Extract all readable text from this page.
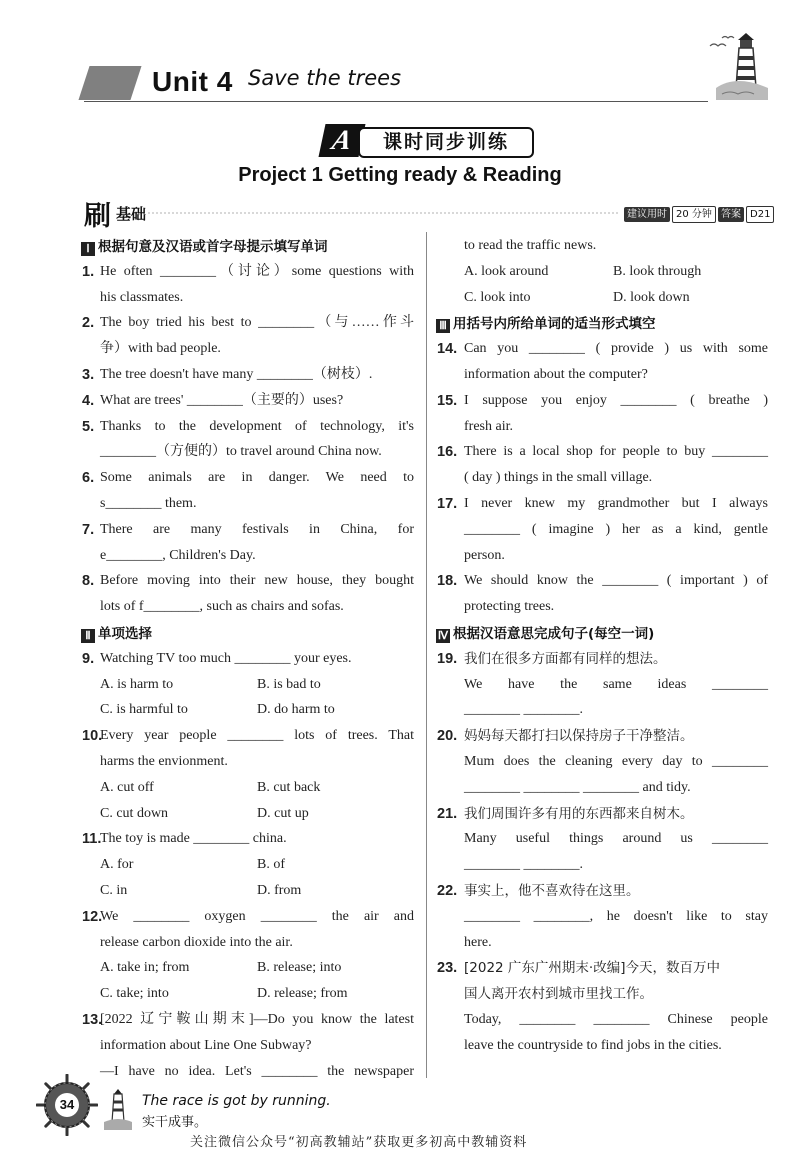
Unit 4 Save the trees
A	课时同步训练
Project 1 Getting ready & Reading
刷 基础	建议用时 20 分钟 答案 D21
Ⅰ 根据句意及汉语或首字母提示填写单词
1. He often ________（讨论）some questions with
his classmates.
2. The boy tried his best to ________（与……作斗
争）with bad people.
3. The tree doesn't have many ________（树枝）.
4. What are trees' ________（主要的）uses?
5. Thanks to the development of technology, it's
________（方便的）to travel around China now.
6. Some animals are in danger. We need to
s________ them.
7. There are many festivals in China, for
e________, Children's Day.
8. Before moving into their new house, they bought
lots of f________, such as chairs and sofas.
Ⅱ 单项选择
9. Watching TV too much ________ your eyes.
A. is harm to	B. is bad to
C. is harmful to	D. do harm to
10.
Every year people ________ lots of trees. That
harms the envionment.
A. cut off	B. cut back
C. cut down	D. cut up
11.
The toy is made ________ china.
A. for	B. of
C. in	D. from
12.
We ________ oxygen ________ the air and
release carbon dioxide into the air.
A. take in; from	B. release; into
C. take; into	D. release; from
13.
[2022 辽宁鞍山期末]—Do you know the latest
information about Line One Subway?
—I have no idea. Let's ________ the newspaper
to read the traffic news.
A. look around	B. look through
C. look into	D. look down
Ⅲ 用括号内所给单词的适当形式填空
14. Can you ________ ( provide ) us with some
information about the computer?
15. I suppose you enjoy ________ ( breathe )
fresh air.
16. There is a local shop for people to buy ________
( day ) things in the small village.
17. I never knew my grandmother but I always
________ ( imagine ) her as a kind, gentle
person.
18. We should know the ________ ( important ) of
protecting trees.
Ⅳ 根据汉语意思完成句子(每空一词)
19. 我们在很多方面都有同样的想法。
We have the same ideas ________
________ ________.
20. 妈妈每天都打扫以保持房子干净整洁。
Mum does the cleaning every day to ________
________ ________ ________ and tidy.
21. 我们周围许多有用的东西都来自树木。
Many useful things around us ________
________ ________.
22. 事实上，他不喜欢待在这里。
________ ________, he doesn't like to stay
here.
23. [2022 广东广州期末·改编]今天，数百万中
国人离开农村到城市里找工作。
Today, ________ ________ Chinese people
leave the countryside to find jobs in the cities.
34	The race is got by running.
实干成事。
关注微信公众号“初高教辅站”获取更多初高中教辅资料
